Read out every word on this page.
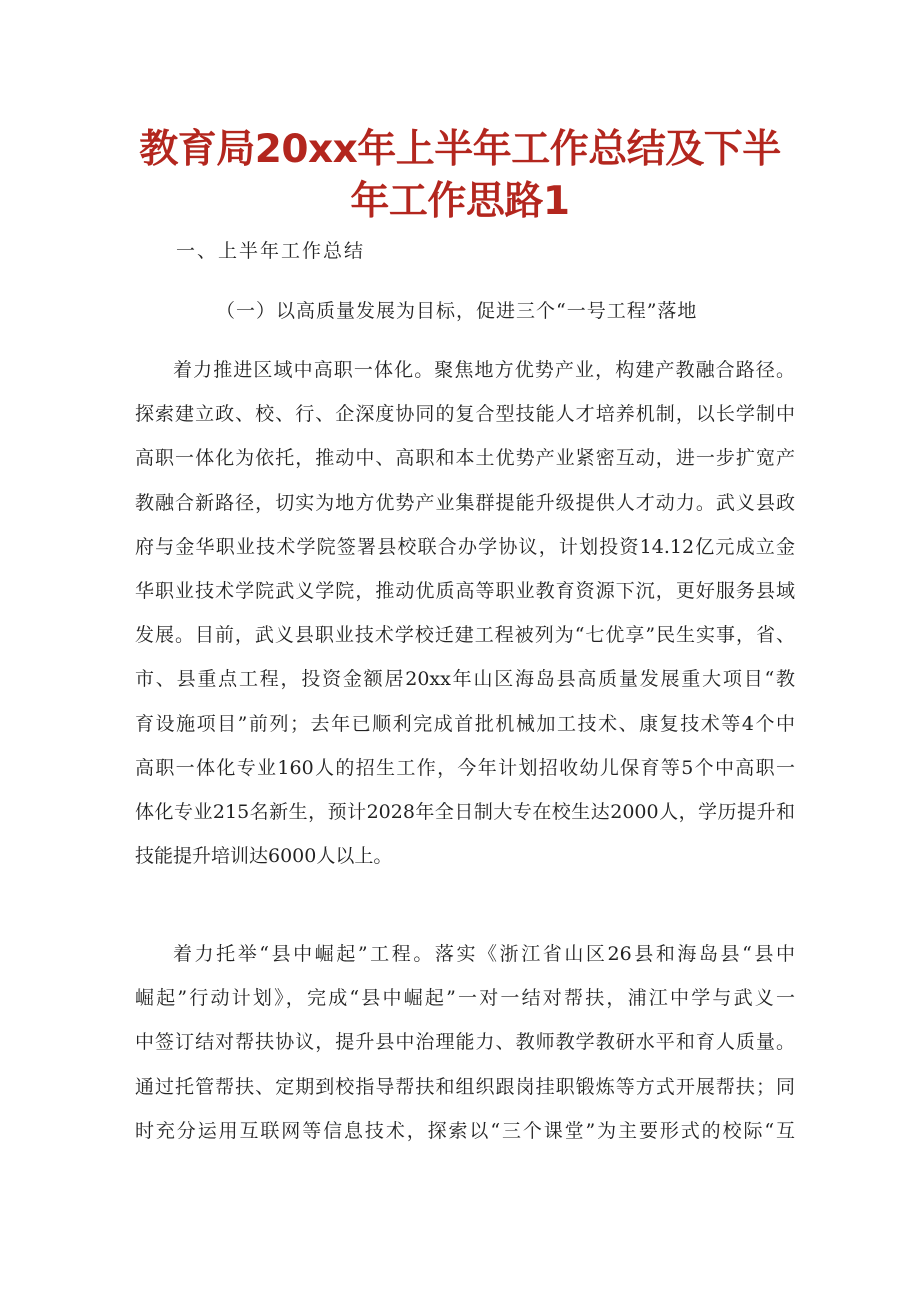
教育局20xx年上半年工作总结及下半
年工作思路1
一、上半年工作总结
（一）以高质量发展为目标，促进三个“一号工程”落地
着力推进区域中高职一体化。聚焦地方优势产业，构建产教融合路径。
探索建立政、校、行、企深度协同的复合型技能人才培养机制，以长学制中
高职一体化为依托，推动中、高职和本土优势产业紧密互动，进一步扩宽产
教融合新路径，切实为地方优势产业集群提能升级提供人才动力。武义县政
府与金华职业技术学院签署县校联合办学协议，计划投资14.12亿元成立金
华职业技术学院武义学院，推动优质高等职业教育资源下沉，更好服务县域
发展。目前，武义县职业技术学校迁建工程被列为“七优享”民生实事，省、
市、县重点工程，投资金额居20xx年山区海岛县高质量发展重大项目“教
育设施项目”前列；去年已顺利完成首批机械加工技术、康复技术等4个中
高职一体化专业160人的招生工作，今年计划招收幼儿保育等5个中高职一
体化专业215名新生，预计2028年全日制大专在校生达2000人，学历提升和
技能提升培训达6000人以上。
着力托举“县中崛起”工程。落实《浙江省山区26县和海岛县“县中
崛起”行动计划》，完成“县中崛起”一对一结对帮扶，浦江中学与武义一
中签订结对帮扶协议，提升县中治理能力、教师教学教研水平和育人质量。
通过托管帮扶、定期到校指导帮扶和组织跟岗挂职锻炼等方式开展帮扶；同
时充分运用互联网等信息技术，探索以“三个课堂”为主要形式的校际“互
